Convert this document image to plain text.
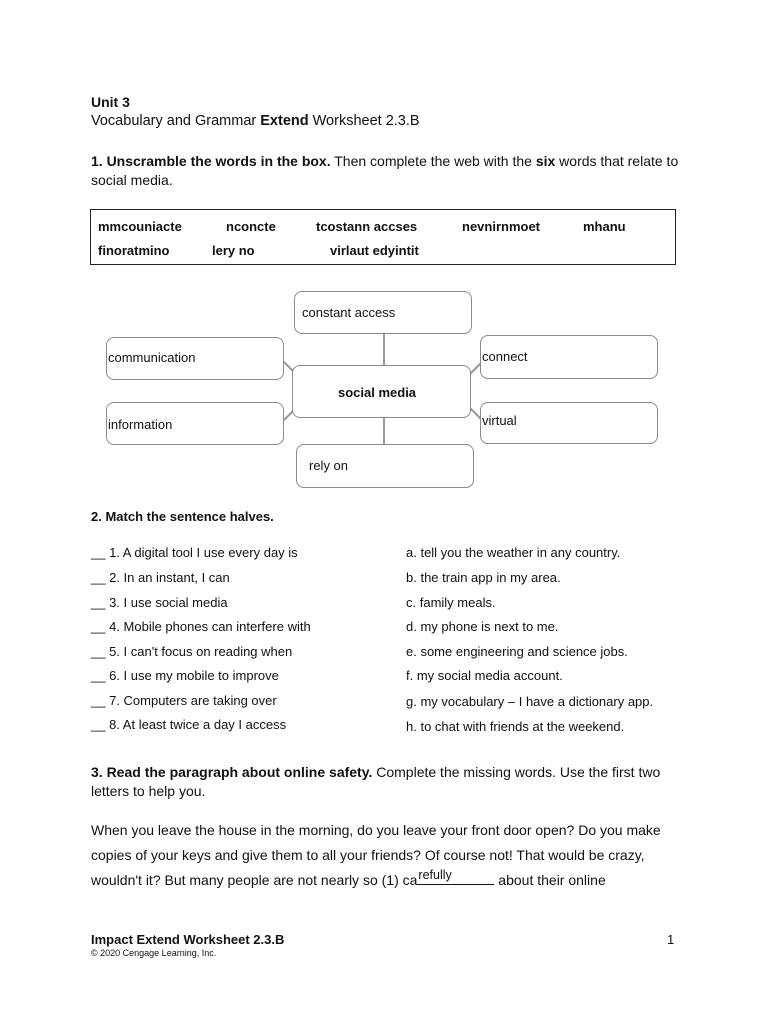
Unit 3
Vocabulary and Grammar Extend Worksheet 2.3.B
1. Unscramble the words in the box. Then complete the web with the six words that relate to social media.
mmcouniacte	nconcte	tcostann accses	nevnirnmoet	mhanu
finoratmino	lery no	virlaut edyintit
social media
constant access
communication	connect
information	virtual
rely on
2. Match the sentence halves.
__ 1. A digital tool I use every day is
__ 2. In an instant, I can
__ 3. I use social media
__ 4. Mobile phones can interfere with
__ 5. I can't focus on reading when
__ 6. I use my mobile to improve
__ 7. Computers are taking over
__ 8. At least twice a day I access
a. tell you the weather in any country.
b. the train app in my area.
c. family meals.
d. my phone is next to me.
e. some engineering and science jobs.
f. my social media account.
g. my vocabulary – I have a dictionary app.
h. to chat with friends at the weekend.
3. Read the paragraph about online safety. Complete the missing words. Use the first two letters to help you.
When you leave the house in the morning, do you leave your front door open? Do you make copies of your keys and give them to all your friends? Of course not! That would be crazy, wouldn't it? But many people are not nearly so (1) ca refully	about their online
Impact Extend Worksheet 2.3.B
© 2020 Cengage Learning, Inc.
1
